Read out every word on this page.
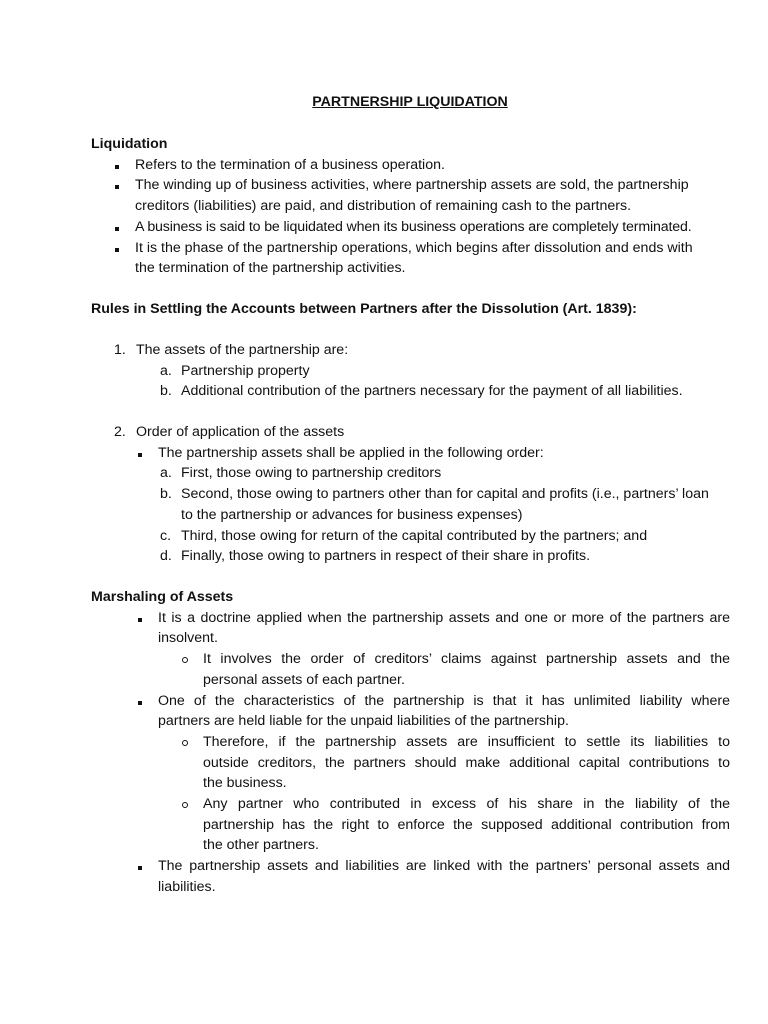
PARTNERSHIP LIQUIDATION
Liquidation
Refers to the termination of a business operation.
The winding up of business activities, where partnership assets are sold, the partnership
creditors (liabilities) are paid, and distribution of remaining cash to the partners.
A business is said to be liquidated when its business operations are completely terminated.
It is the phase of the partnership operations, which begins after dissolution and ends with
the termination of the partnership activities.
Rules in Settling the Accounts between Partners after the Dissolution (Art. 1839):
1. The assets of the partnership are:
a. Partnership property
b. Additional contribution of the partners necessary for the payment of all liabilities.
2. Order of application of the assets
The partnership assets shall be applied in the following order:
a. First, those owing to partnership creditors
b. Second, those owing to partners other than for capital and profits (i.e., partners’ loan
to the partnership or advances for business expenses)
c. Third, those owing for return of the capital contributed by the partners; and
d. Finally, those owing to partners in respect of their share in profits.
Marshaling of Assets
It is a doctrine applied when the partnership assets and one or more of the partners are
insolvent.
It involves the order of creditors’ claims against partnership assets and the
personal assets of each partner.
One of the characteristics of the partnership is that it has unlimited liability where
partners are held liable for the unpaid liabilities of the partnership.
Therefore, if the partnership assets are insufficient to settle its liabilities to
outside creditors, the partners should make additional capital contributions to
the business.
Any partner who contributed in excess of his share in the liability of the
partnership has the right to enforce the supposed additional contribution from
the other partners.
The partnership assets and liabilities are linked with the partners’ personal assets and
liabilities.
